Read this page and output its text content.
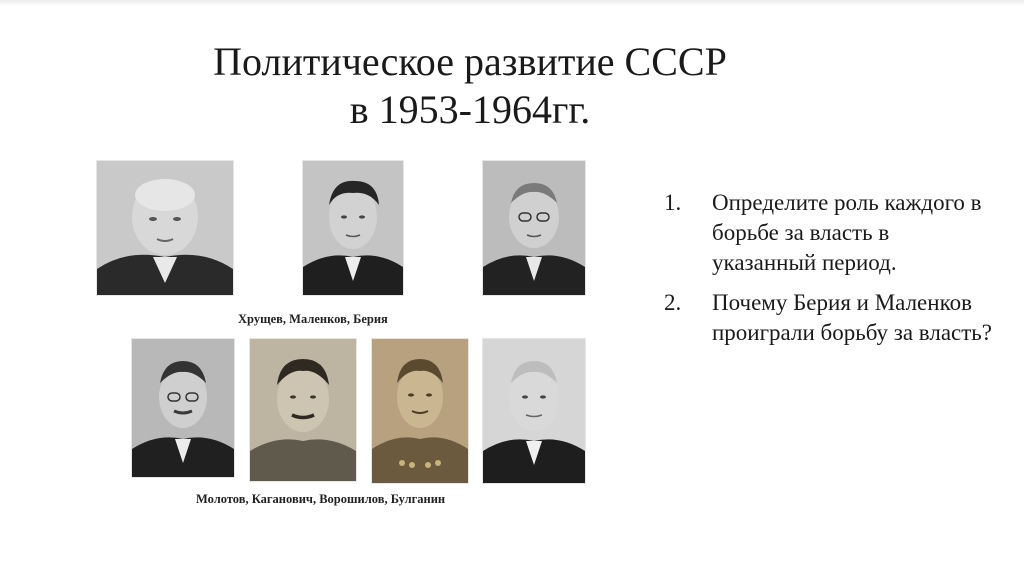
Политическое развитие СССР
в 1953-1964гг.
Хрущев, Маленков, Берия
Молотов, Каганович, Ворошилов, Булганин
1. Определите роль каждого в борьбе за власть в указанный период.
2. Почему Берия и Маленков проиграли борьбу за власть?
